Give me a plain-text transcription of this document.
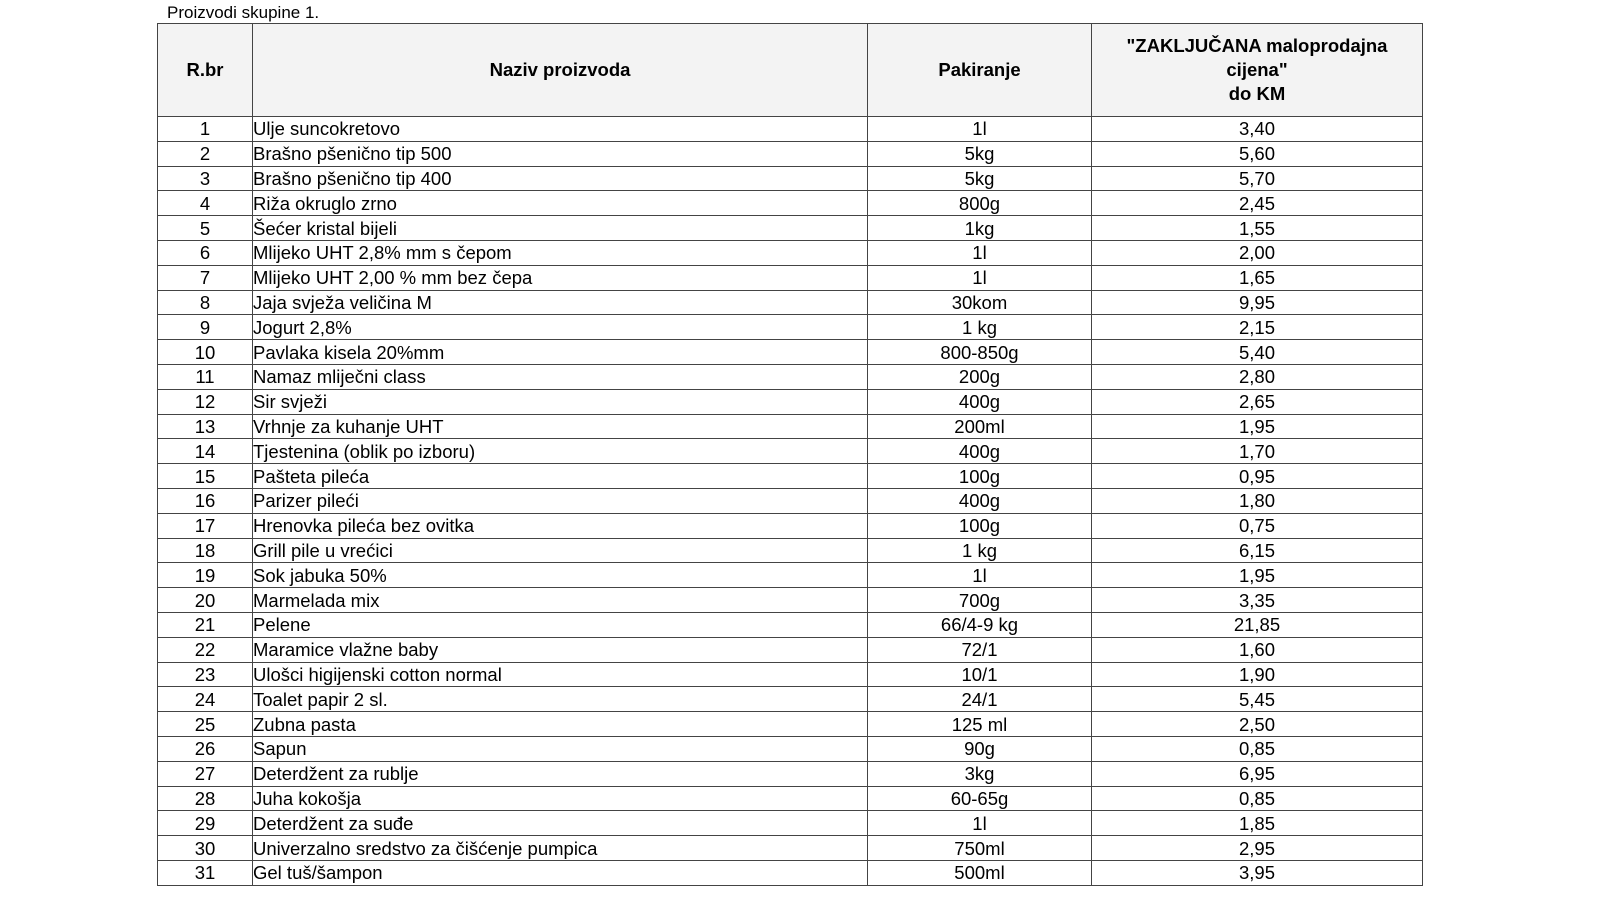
Proizvodi skupine 1.
R.br	Naziv proizvoda	Pakiranje	"ZAKLJUČANA maloprodajna
cijena"
do KM
1	Ulje suncokretovo	1l	3,40
2	Brašno pšenično tip 500	5kg	5,60
3	Brašno pšenično tip 400	5kg	5,70
4	Riža okruglo zrno	800g	2,45
5	Šećer kristal bijeli	1kg	1,55
6	Mlijeko UHT 2,8% mm s čepom	1l	2,00
7	Mlijeko UHT 2,00 % mm bez čepa	1l	1,65
8	Jaja svježa veličina M	30kom	9,95
9	Jogurt 2,8%	1 kg	2,15
10	Pavlaka kisela 20%mm	800-850g	5,40
11	Namaz mliječni class	200g	2,80
12	Sir svježi	400g	2,65
13	Vrhnje za kuhanje UHT	200ml	1,95
14	Tjestenina (oblik po izboru)	400g	1,70
15	Pašteta pileća	100g	0,95
16	Parizer pileći	400g	1,80
17	Hrenovka pileća bez ovitka	100g	0,75
18	Grill pile u vrećici	1 kg	6,15
19	Sok jabuka 50%	1l	1,95
20	Marmelada mix	700g	3,35
21	Pelene	66/4-9 kg	21,85
22	Maramice vlažne baby	72/1	1,60
23	Ulošci higijenski cotton normal	10/1	1,90
24	Toalet papir 2 sl.	24/1	5,45
25	Zubna pasta	125 ml	2,50
26	Sapun	90g	0,85
27	Deterdžent za rublje	3kg	6,95
28	Juha kokošja	60-65g	0,85
29	Deterdžent za suđe	1l	1,85
30	Univerzalno sredstvo za čišćenje pumpica	750ml	2,95
31	Gel tuš/šampon	500ml	3,95
